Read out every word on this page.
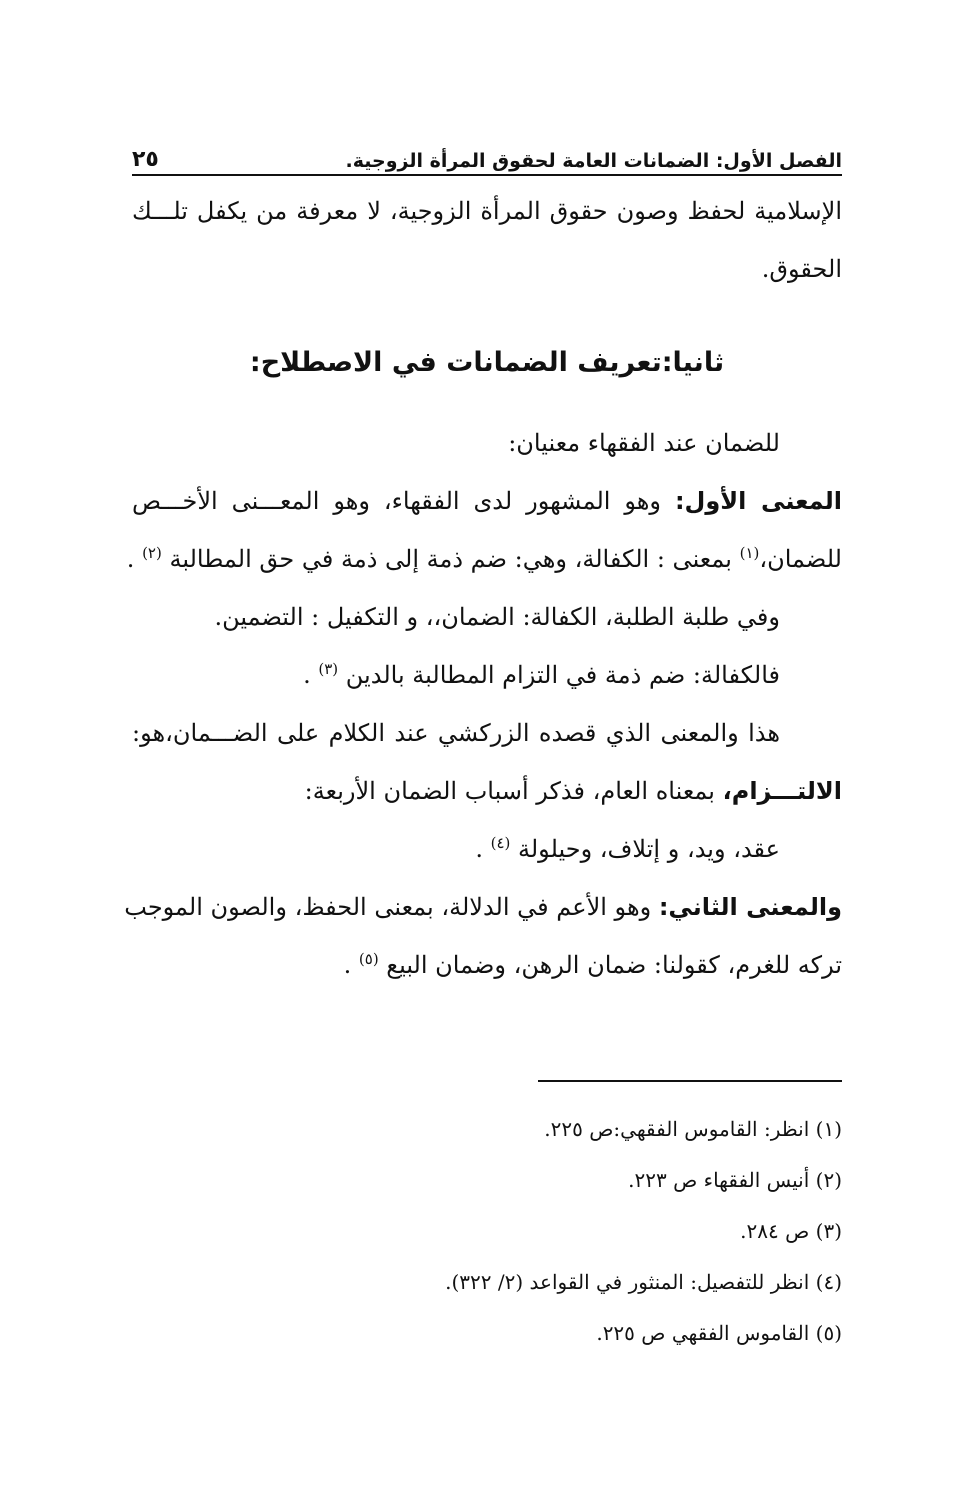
الفصل الأول: الضمانات العامة لحقوق المرأة الزوجية.
٢٥
الإسلامية لحفظ وصون حقوق المرأة الزوجية، لا معرفة من يكفل تلـــك
الحقوق.
ثانيا:تعريف الضمانات في الاصطلاح:
للضمان عند الفقهاء معنيان:
المعنى الأول: وهو المشهور لدى الفقهاء، وهو المعـــنى الأخـــص
للضمان،$^{(١)}$ بمعنى : الكفالة، وهي: ضم ذمة إلى ذمة في حق المطالبة $^{(٢)}$ .
وفي طلبة الطلبة، الكفالة: الضمان،، و التكفيل : التضمين.
فالكفالة: ضم ذمة في التزام المطالبة بالدين $^{(٣)}$ .
هذا والمعنى الذي قصده الزركشي عند الكلام على الضـــمان،هو:
الالتـــزام، بمعناه العام، فذكر أسباب الضمان الأربعة:
عقد، ويد، و إتلاف، وحيلولة $^{(٤)}$ .
والمعنى الثاني: وهو الأعم في الدلالة، بمعنى الحفظ، والصون الموجب
تركه للغرم، كقولنا: ضمان الرهن، وضمان البيع $^{(٥)}$ .
(١) انظر: القاموس الفقهي:ص ٢٢٥.
(٢) أنيس الفقهاء ص ٢٢٣.
(٣) ص ٢٨٤.
(٤) انظر للتفصيل: المنثور في القواعد (٢/ ٣٢٢).
(٥) القاموس الفقهي ص ٢٢٥.
